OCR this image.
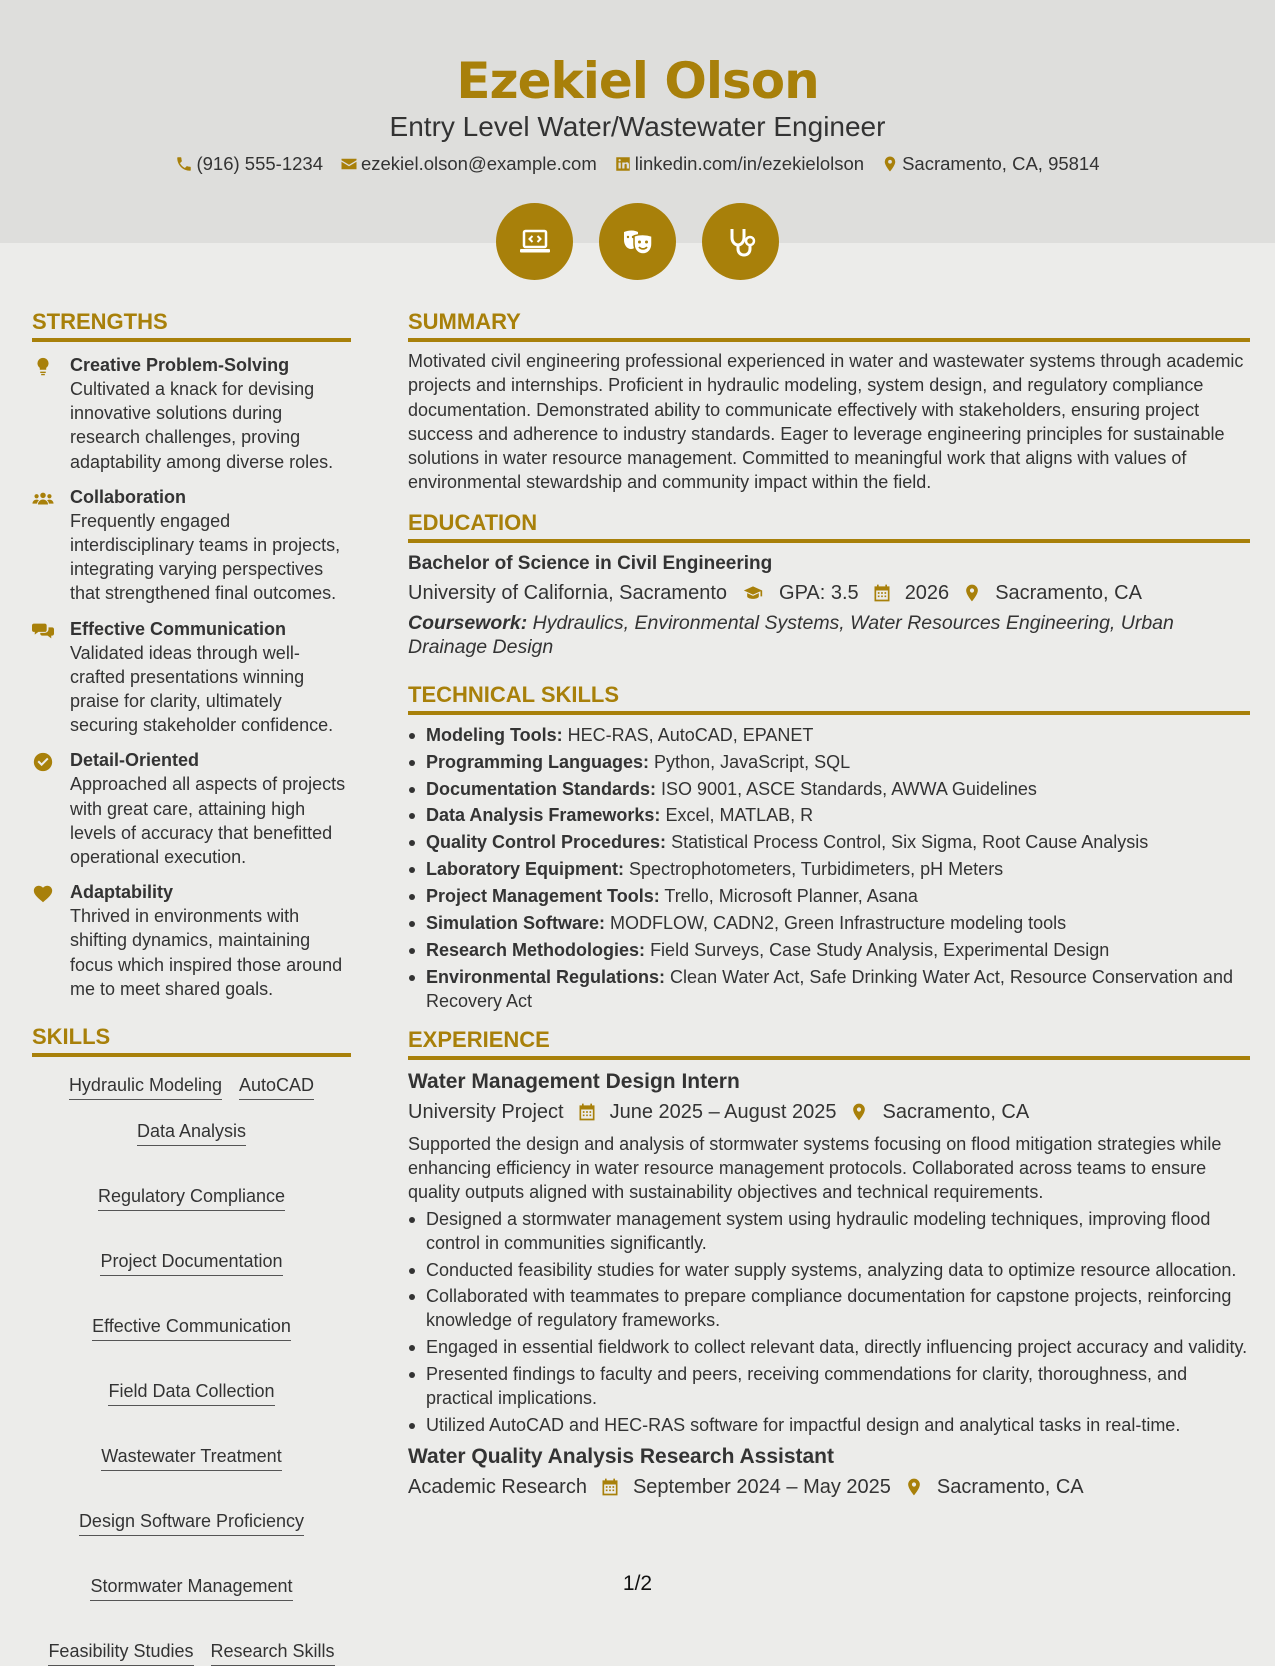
Ezekiel Olson
Entry Level Water/Wastewater Engineer
(916) 555-1234 ezekiel.olson@example.com linkedin.com/in/ezekielolson Sacramento, CA, 95814
STRENGTHS
Creative Problem-Solving
Cultivated a knack for devising innovative solutions during research challenges, proving adaptability among diverse roles.
Collaboration
Frequently engaged interdisciplinary teams in projects, integrating varying perspectives that strengthened final outcomes.
Effective Communication
Validated ideas through well-crafted presentations winning praise for clarity, ultimately securing stakeholder confidence.
Detail-Oriented
Approached all aspects of projects with great care, attaining high levels of accuracy that benefitted operational execution.
Adaptability
Thrived in environments with shifting dynamics, maintaining focus which inspired those around me to meet shared goals.
SKILLS
Hydraulic Modeling AutoCAD
Data Analysis
Regulatory Compliance
Project Documentation
Effective Communication
Field Data Collection
Wastewater Treatment
Design Software Proficiency
Stormwater Management
Feasibility Studies Research Skills
SUMMARY
Motivated civil engineering professional experienced in water and wastewater systems through academic projects and internships. Proficient in hydraulic modeling, system design, and regulatory compliance documentation. Demonstrated ability to communicate effectively with stakeholders, ensuring project success and adherence to industry standards. Eager to leverage engineering principles for sustainable solutions in water resource management. Committed to meaningful work that aligns with values of environmental stewardship and community impact within the field.
EDUCATION
Bachelor of Science in Civil Engineering
University of California, Sacramento	GPA: 3.5 2026 Sacramento, CA
Coursework: Hydraulics, Environmental Systems, Water Resources Engineering, Urban Drainage Design
TECHNICAL SKILLS
Modeling Tools: HEC-RAS, AutoCAD, EPANET
Programming Languages: Python, JavaScript, SQL
Documentation Standards: ISO 9001, ASCE Standards, AWWA Guidelines
Data Analysis Frameworks: Excel, MATLAB, R
Quality Control Procedures: Statistical Process Control, Six Sigma, Root Cause Analysis
Laboratory Equipment: Spectrophotometers, Turbidimeters, pH Meters
Project Management Tools: Trello, Microsoft Planner, Asana
Simulation Software: MODFLOW, CADN2, Green Infrastructure modeling tools
Research Methodologies: Field Surveys, Case Study Analysis, Experimental Design
Environmental Regulations: Clean Water Act, Safe Drinking Water Act, Resource Conservation and Recovery Act
EXPERIENCE
Water Management Design Intern
University Project June 2025 – August 2025 Sacramento, CA
Supported the design and analysis of stormwater systems focusing on flood mitigation strategies while enhancing efficiency in water resource management protocols. Collaborated across teams to ensure quality outputs aligned with sustainability objectives and technical requirements.
Designed a stormwater management system using hydraulic modeling techniques, improving flood control in communities significantly.
Conducted feasibility studies for water supply systems, analyzing data to optimize resource allocation.
Collaborated with teammates to prepare compliance documentation for capstone projects, reinforcing knowledge of regulatory frameworks.
Engaged in essential fieldwork to collect relevant data, directly influencing project accuracy and validity.
Presented findings to faculty and peers, receiving commendations for clarity, thoroughness, and practical implications.
Utilized AutoCAD and HEC-RAS software for impactful design and analytical tasks in real-time.
Water Quality Analysis Research Assistant
Academic Research September 2024 – May 2025 Sacramento, CA
1/2
